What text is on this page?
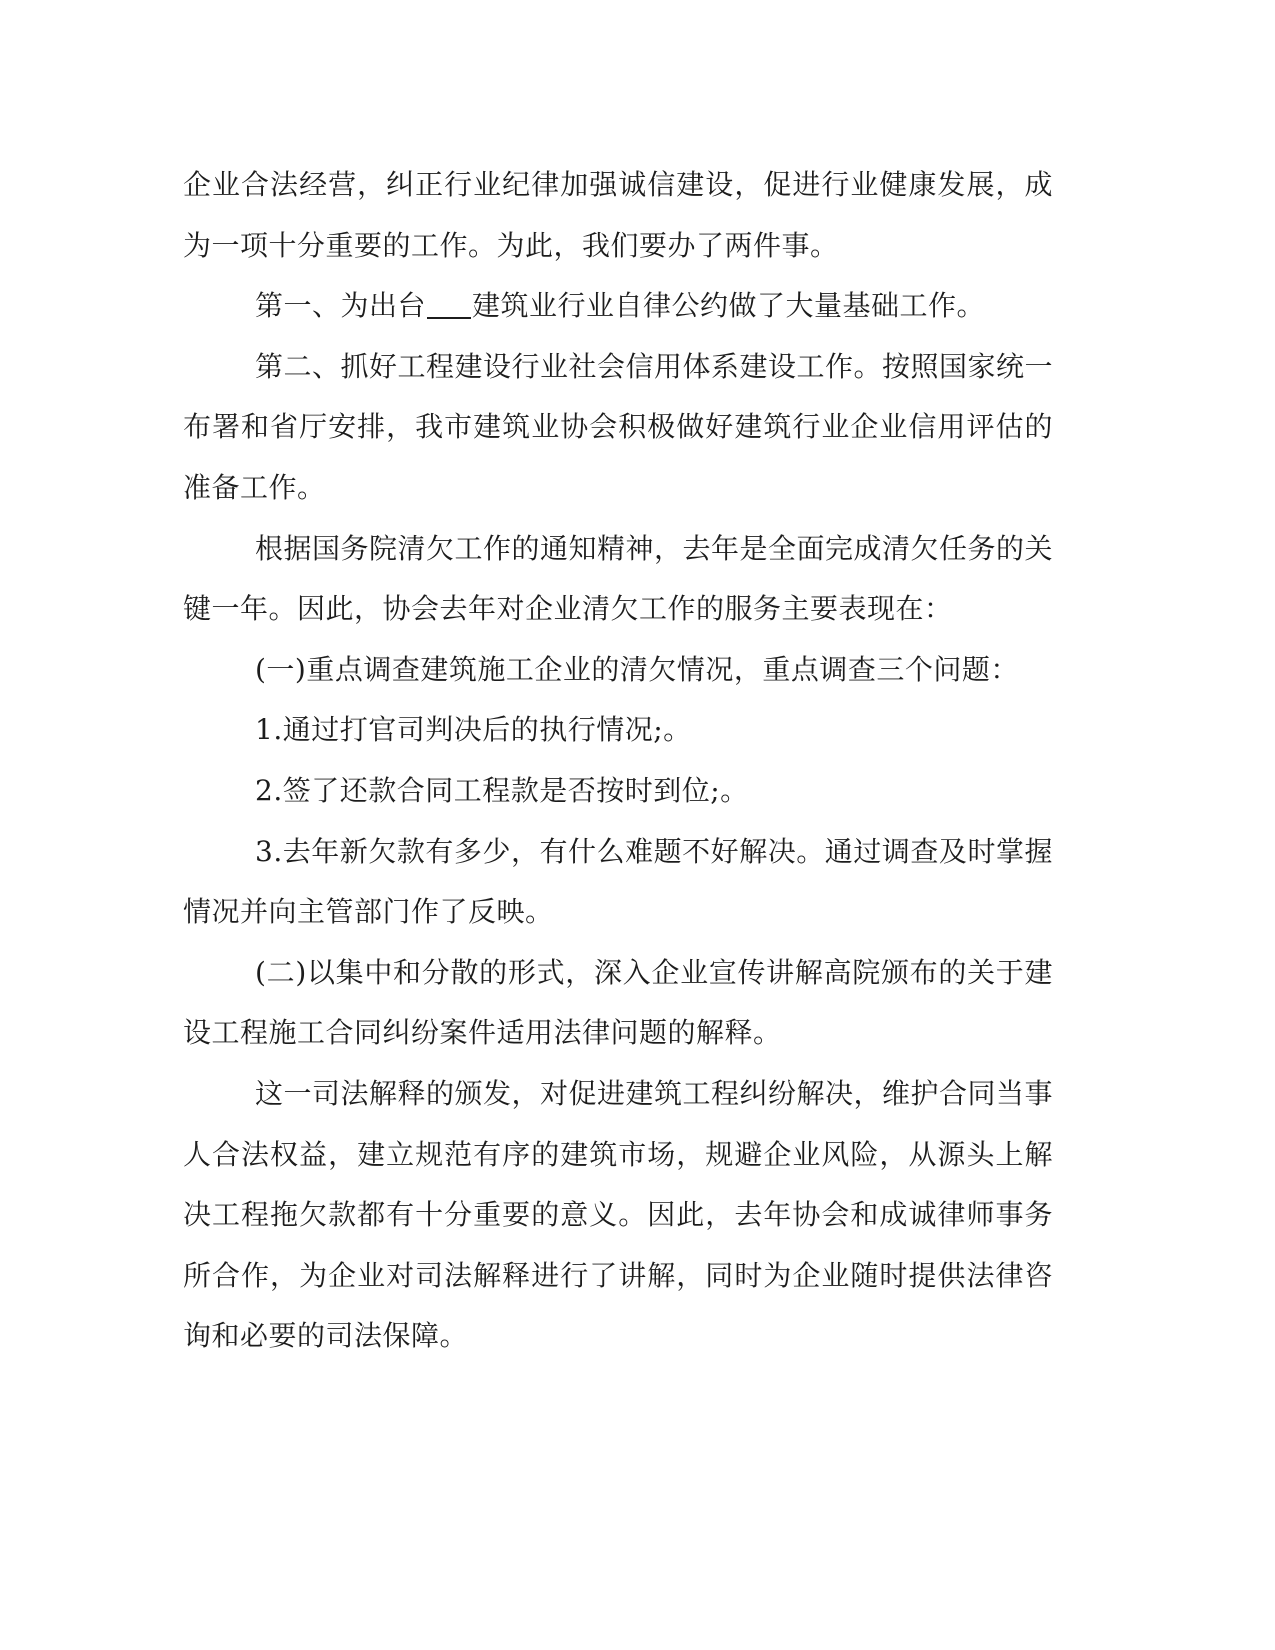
企业合法经营，纠正行业纪律加强诚信建设，促进行业健康发展，成为一项十分重要的工作。为此，我们要办了两件事。

第一、为出台 建筑业行业自律公约做了大量基础工作。

第二、抓好工程建设行业社会信用体系建设工作。按照国家统一布署和省厅安排，我市建筑业协会积极做好建筑行业企业信用评估的准备工作。

根据国务院清欠工作的通知精神，去年是全面完成清欠任务的关键一年。因此，协会去年对企业清欠工作的服务主要表现在：

(一)重点调查建筑施工企业的清欠情况，重点调查三个问题：

1.通过打官司判决后的执行情况;。

2.签了还款合同工程款是否按时到位;。

3.去年新欠款有多少，有什么难题不好解决。通过调查及时掌握情况并向主管部门作了反映。

(二)以集中和分散的形式，深入企业宣传讲解高院颁布的关于建设工程施工合同纠纷案件适用法律问题的解释。

这一司法解释的颁发，对促进建筑工程纠纷解决，维护合同当事人合法权益，建立规范有序的建筑市场，规避企业风险，从源头上解决工程拖欠款都有十分重要的意义。因此，去年协会和成诚律师事务所合作，为企业对司法解释进行了讲解，同时为企业随时提供法律咨询和必要的司法保障。
